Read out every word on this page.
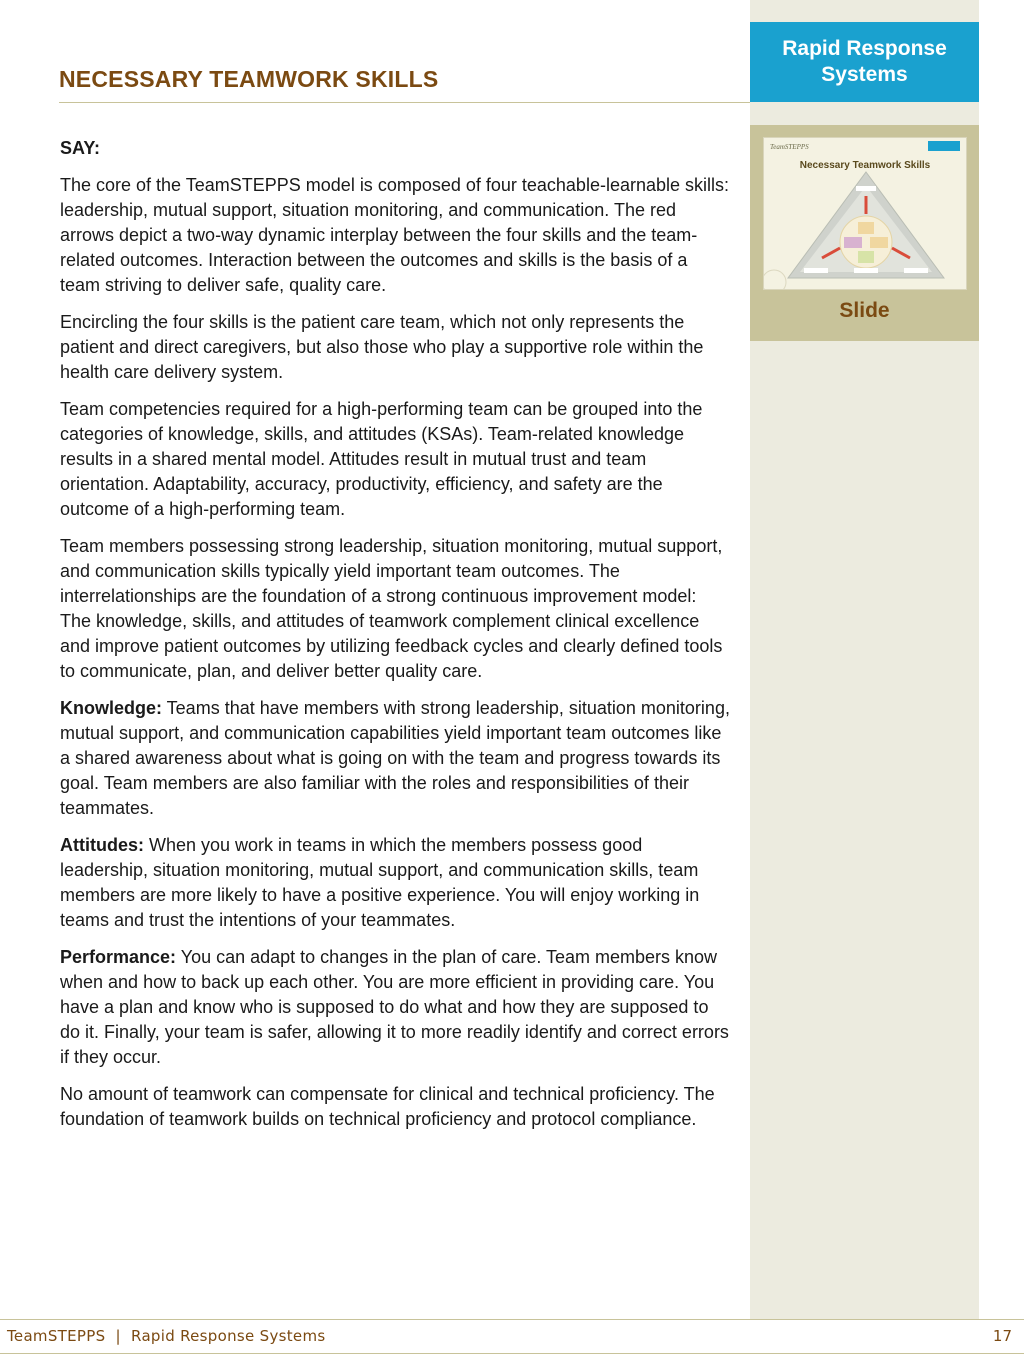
Rapid Response
Systems
TeamSTEPPS
Necessary Teamwork Skills
Slide
NECESSARY TEAMWORK SKILLS

SAY:

The core of the TeamSTEPPS model is composed of four teachable-learnable skills: leadership, mutual support, situation monitoring, and communication. The red arrows depict a two-way dynamic interplay between the four skills and the team-related outcomes. Interaction between the outcomes and skills is the basis of a team striving to deliver safe, quality care.

Encircling the four skills is the patient care team, which not only represents the patient and direct caregivers, but also those who play a supportive role within the health care delivery system.

Team competencies required for a high-performing team can be grouped into the categories of knowledge, skills, and attitudes (KSAs). Team-related knowledge results in a shared mental model. Attitudes result in mutual trust and team orientation. Adaptability, accuracy, productivity, efficiency, and safety are the outcome of a high-performing team.

Team members possessing strong leadership, situation monitoring, mutual support, and communication skills typically yield important team outcomes. The interrelationships are the foundation of a strong continuous improvement model: The knowledge, skills, and attitudes of teamwork complement clinical excellence and improve patient outcomes by utilizing feedback cycles and clearly defined tools to communicate, plan, and deliver better quality care.

Knowledge: Teams that have members with strong leadership, situation monitoring, mutual support, and communication capabilities yield important team outcomes like a shared awareness about what is going on with the team and progress towards its goal. Team members are also familiar with the roles and responsibilities of their teammates.

Attitudes: When you work in teams in which the members possess good leadership, situation monitoring, mutual support, and communication skills, team members are more likely to have a positive experience. You will enjoy working in teams and trust the intentions of your teammates.

Performance: You can adapt to changes in the plan of care. Team members know when and how to back up each other. You are more efficient in providing care. You have a plan and know who is supposed to do what and how they are supposed to do it. Finally, your team is safer, allowing it to more readily identify and correct errors if they occur.

No amount of teamwork can compensate for clinical and technical proficiency. The foundation of teamwork builds on technical proficiency and protocol compliance.

TeamSTEPPS  |  Rapid Response Systems	17
